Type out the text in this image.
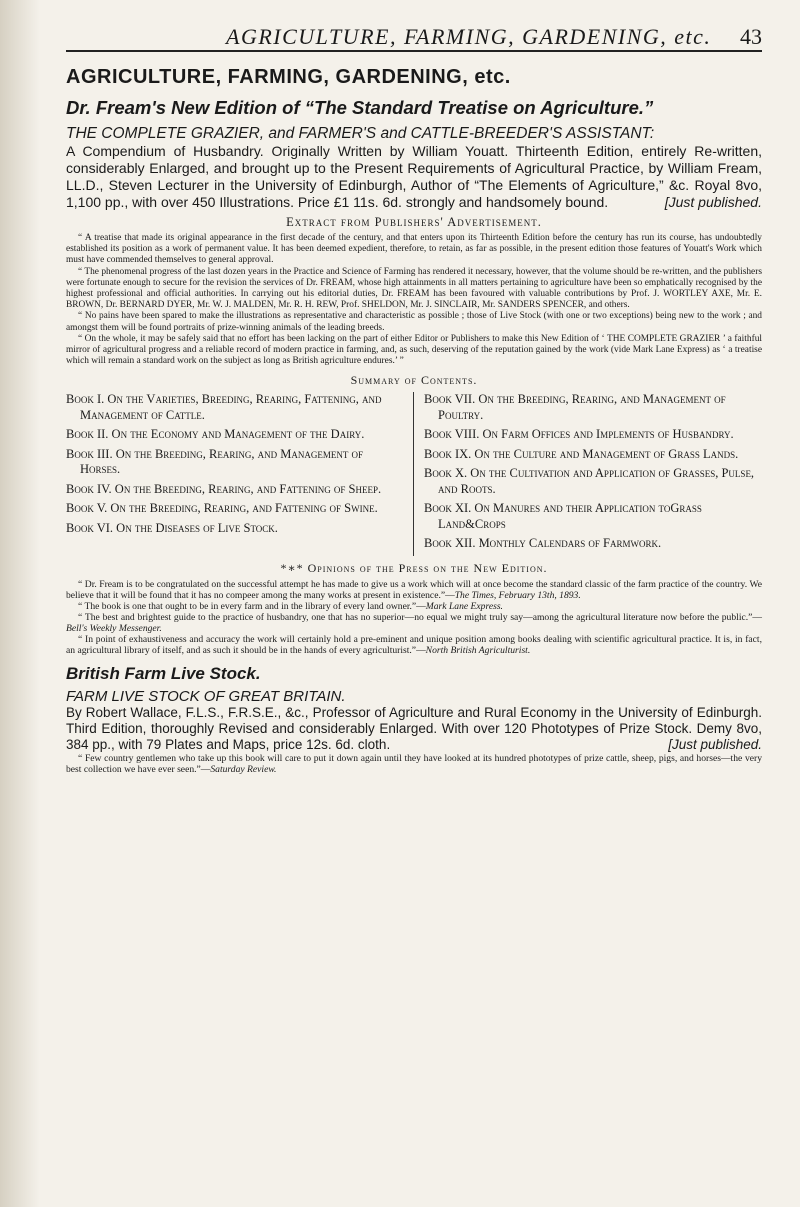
AGRICULTURE, FARMING, GARDENING, etc. 43
AGRICULTURE, FARMING, GARDENING, etc.
Dr. Fream's New Edition of “The Standard Treatise on Agriculture.”

THE COMPLETE GRAZIER, and FARMER'S and CATTLE-BREEDER'S ASSISTANT:

A Compendium of Husbandry. Originally Written by William Youatt. Thirteenth Edition, entirely Re-written, considerably Enlarged, and brought up to the Present Requirements of Agricultural Practice, by William Fream, LL.D., Steven Lecturer in the University of Edinburgh, Author of “The Elements of Agriculture,” &c. Royal 8vo, 1,100 pp., with over 450 Illustrations. Price £1 11s. 6d. strongly and handsomely bound.	[Just published.

Extract from Publishers' Advertisement.

“ A treatise that made its original appearance in the first decade of the century, and that enters upon its Thirteenth Edition before the century has run its course, has undoubtedly established its position as a work of permanent value. It has been deemed expedient, therefore, to retain, as far as possible, in the present edition those features of Youatt's Work which must have commended themselves to general approval.

“ The phenomenal progress of the last dozen years in the Practice and Science of Farming has rendered it necessary, however, that the volume should be re-written, and the publishers were fortunate enough to secure for the revision the services of Dr. FREAM, whose high attainments in all matters pertaining to agriculture have been so emphatically recognised by the highest professional and official authorities. In carrying out his editorial duties, Dr. FREAM has been favoured with valuable contributions by Prof. J. WORTLEY AXE, Mr. E. BROWN, Dr. BERNARD DYER, Mr. W. J. MALDEN, Mr. R. H. REW, Prof. SHELDON, Mr. J. SINCLAIR, Mr. SANDERS SPENCER, and others.

“ No pains have been spared to make the illustrations as representative and characteristic as possible ; those of Live Stock (with one or two exceptions) being new to the work ; and amongst them will be found portraits of prize-winning animals of the leading breeds.

“ On the whole, it may be safely said that no effort has been lacking on the part of either Editor or Publishers to make this New Edition of ‘ THE COMPLETE GRAZIER ’ a faithful mirror of agricultural progress and a reliable record of modern practice in farming, and, as such, deserving of the reputation gained by the work (vide Mark Lane Express) as ‘ a treatise which will remain a standard work on the subject as long as British agriculture endures.’ ”

Summary of Contents.

Book I. On the Varieties, Breeding, Rearing, Fattening, and Management of Cattle.

Book II. On the Economy and Management of the Dairy.

Book III. On the Breeding, Rearing, and Management of Horses.

Book IV. On the Breeding, Rearing, and Fattening of Sheep.

Book V. On the Breeding, Rearing, and Fattening of Swine.

Book VI. On the Diseases of Live Stock.

Book VII. On the Breeding, Rearing, and Management of Poultry.

Book VIII. On Farm Offices and Implements of Husbandry.

Book IX. On the Culture and Management of Grass Lands.

Book X. On the Cultivation and Application of Grasses, Pulse, and Roots.

Book XI. On Manures and their Application toGrass Land&Crops

Book XII. Monthly Calendars of Farmwork.

*∗* Opinions of the Press on the New Edition.

“ Dr. Fream is to be congratulated on the successful attempt he has made to give us a work which will at once become the standard classic of the farm practice of the country. We believe that it will be found that it has no compeer among the many works at present in existence.”—The Times, February 13th, 1893.

“ The book is one that ought to be in every farm and in the library of every land owner.”—Mark Lane Express.

“ The best and brightest guide to the practice of husbandry, one that has no superior—no equal we might truly say—among the agricultural literature now before the public.”—Bell's Weekly Messenger.

“ In point of exhaustiveness and accuracy the work will certainly hold a pre-eminent and unique position among books dealing with scientific agricultural practice. It is, in fact, an agricultural library of itself, and as such it should be in the hands of every agriculturist.”—North British Agriculturist.

British Farm Live Stock.

FARM LIVE STOCK OF GREAT BRITAIN.

By Robert Wallace, F.L.S., F.R.S.E., &c., Professor of Agriculture and Rural Economy in the University of Edinburgh. Third Edition, thoroughly Revised and considerably Enlarged. With over 120 Phototypes of Prize Stock. Demy 8vo, 384 pp., with 79 Plates and Maps, price 12s. 6d. cloth.	[Just published.

“ Few country gentlemen who take up this book will care to put it down again until they have looked at its hundred phototypes of prize cattle, sheep, pigs, and horses—the very best collection we have ever seen.”—Saturday Review.
